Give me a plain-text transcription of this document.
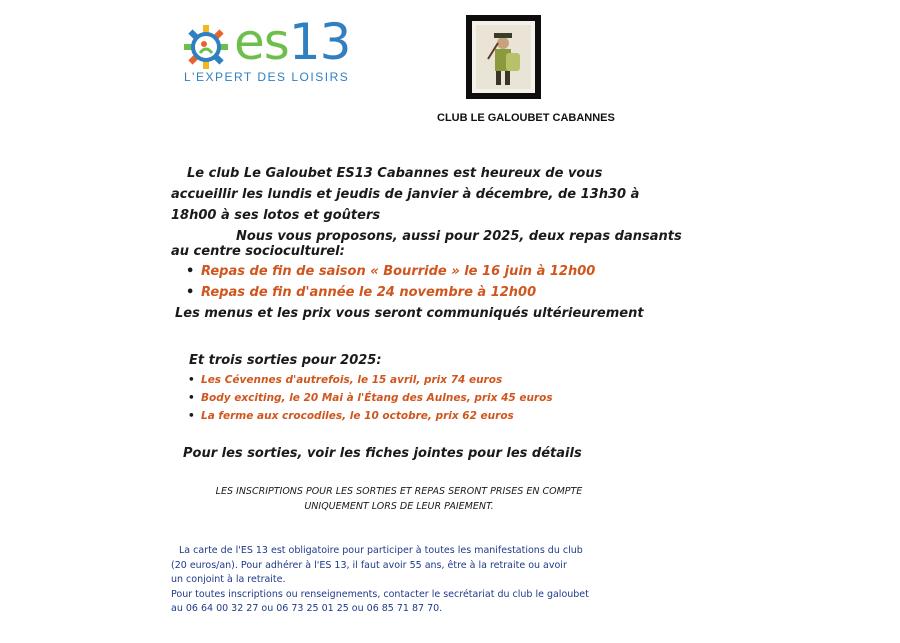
es13
L'EXPERT DES LOISIRS
CLUB LE GALOUBET CABANNES
Le club Le Galoubet ES13 Cabannes est heureux de vous
accueillir les lundis et jeudis de janvier à décembre, de 13h30 à
18h00 à ses lotos et goûters
Nous vous proposons, aussi pour 2025, deux repas dansants
au centre socioculturel:
• Repas de fin de saison « Bourride » le 16 juin à 12h00
• Repas de fin d'année le 24 novembre à 12h00
Les menus et les prix vous seront communiqués ultérieurement
Et trois sorties pour 2025:
• Les Cévennes d'autrefois, le 15 avril, prix 74 euros
• Body exciting, le 20 Mai à l'Étang des Aulnes, prix 45 euros
• La ferme aux crocodiles, le 10 octobre, prix 62 euros
Pour les sorties, voir les fiches jointes pour les détails
LES INSCRIPTIONS POUR LES SORTIES ET REPAS SERONT PRISES EN COMPTE
UNIQUEMENT LORS DE LEUR PAIEMENT.
La carte de l'ES 13 est obligatoire pour participer à toutes les manifestations du club
(20 euros/an). Pour adhérer à l'ES 13, il faut avoir 55 ans, être à la retraite ou avoir
un conjoint à la retraite.
Pour toutes inscriptions ou renseignements, contacter le secrétariat du club le galoubet
au 06 64 00 32 27 ou 06 73 25 01 25 ou 06 85 71 87 70.
